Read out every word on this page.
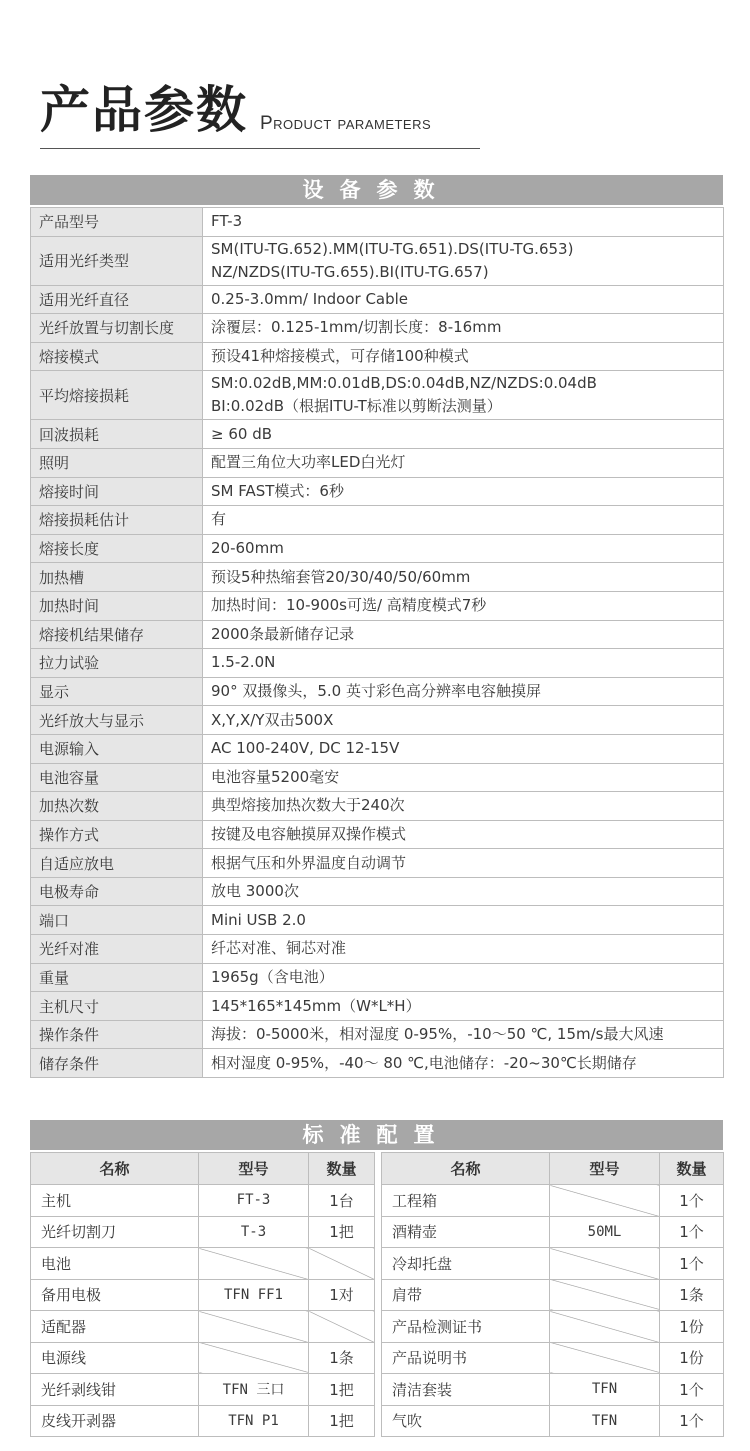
产品参数 Product parameters
设备参数
产品型号	FT-3

适用光纤类型	SM(ITU-TG.652).MM(ITU-TG.651).DS(ITU-TG.653)
NZ/NZDS(ITU-TG.655).BI(ITU-TG.657)

适用光纤直径	0.25-3.0mm/ Indoor Cable

光纤放置与切割长度	涂覆层：0.125-1mm/切割长度：8-16mm

熔接模式	预设41种熔接模式，可存储100种模式

平均熔接损耗	SM:0.02dB,MM:0.01dB,DS:0.04dB,NZ/NZDS:0.04dB
BI:0.02dB（根据ITU-T标准以剪断法测量）

回波损耗	≥ 60 dB

照明	配置三角位大功率LED白光灯

熔接时间	SM FAST模式：6秒

熔接损耗估计	有

熔接长度	20-60mm

加热槽	预设5种热缩套管20/30/40/50/60mm

加热时间	加热时间：10-900s可选/ 高精度模式7秒

熔接机结果储存	2000条最新储存记录

拉力试验	1.5-2.0N

显示	90° 双摄像头，5.0 英寸彩色高分辨率电容触摸屏

光纤放大与显示	X,Y,X/Y双击500X

电源输入	AC 100-240V, DC 12-15V

电池容量	电池容量5200毫安

加热次数	典型熔接加热次数大于240次

操作方式	按键及电容触摸屏双操作模式

自适应放电	根据气压和外界温度自动调节

电极寿命	放电 3000次

端口	Mini USB 2.0

光纤对准	纤芯对准、铜芯对准

重量	1965g（含电池）

主机尺寸	145*165*145mm（W*L*H）

操作条件	海拔：0-5000米，相对湿度 0-95%，-10～50 ℃, 15m/s最大风速

储存条件	相对湿度 0-95%，-40～ 80 ℃,电池储存：-20~30℃长期储存
标准配置
名称	型号	数量
主机	FT-3	1台
光纤切割刀	T-3	1把
电池		
备用电极	TFN FF1	1对
适配器		
电源线		1条
光纤剥线钳	TFN 三口	1把
皮线开剥器	TFN P1	1把
名称	型号	数量
工程箱		1个
酒精壶	50ML	1个
冷却托盘		1个
肩带		1条
产品检测证书		1份
产品说明书		1份
清洁套装	TFN	1个
气吹	TFN	1个
